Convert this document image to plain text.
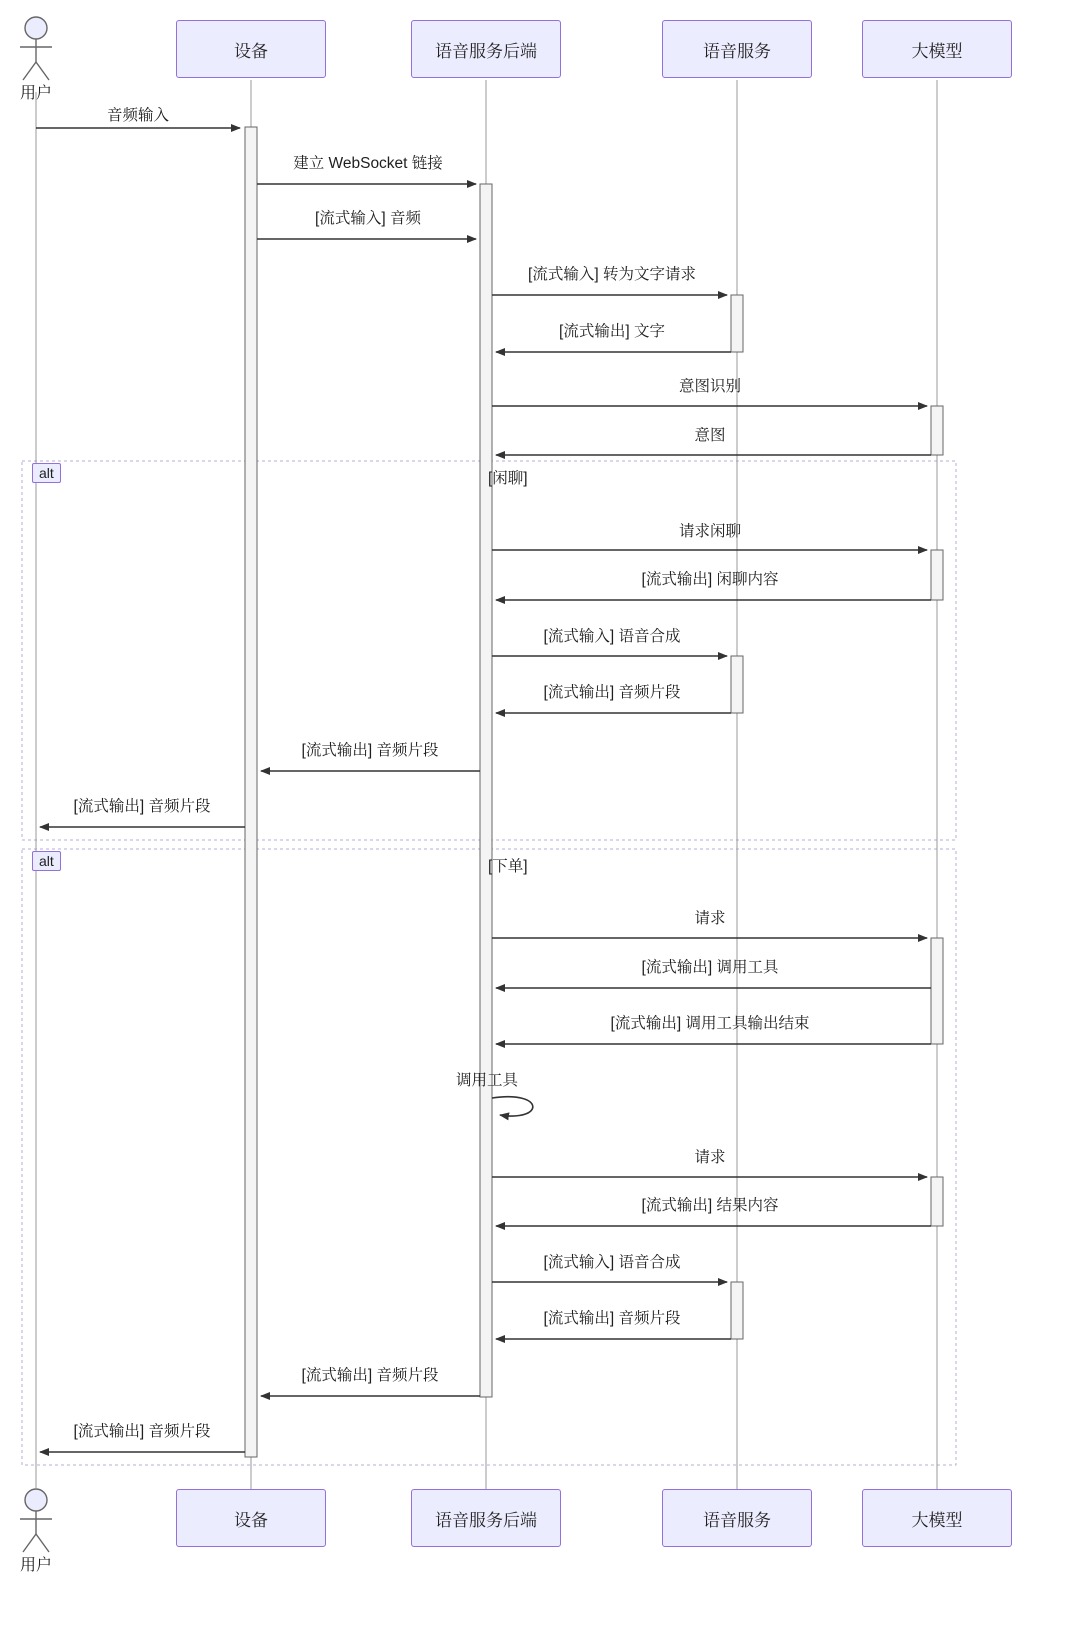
设备	语音服务后端	语音服务	大模型
用户
设备	语音服务后端	语音服务	大模型
用户
alt	[闲聊]
alt	[下单]
音频输入
建立 WebSocket 链接
[流式输入] 音频
[流式输入] 转为文字请求
[流式输出] 文字
意图识别
意图
请求闲聊
[流式输出] 闲聊内容
[流式输入] 语音合成
[流式输出] 音频片段
[流式输出] 音频片段
[流式输出] 音频片段
请求
[流式输出] 调用工具
[流式输出] 调用工具输出结束
调用工具
请求
[流式输出] 结果内容
[流式输入] 语音合成
[流式输出] 音频片段
[流式输出] 音频片段
[流式输出] 音频片段
